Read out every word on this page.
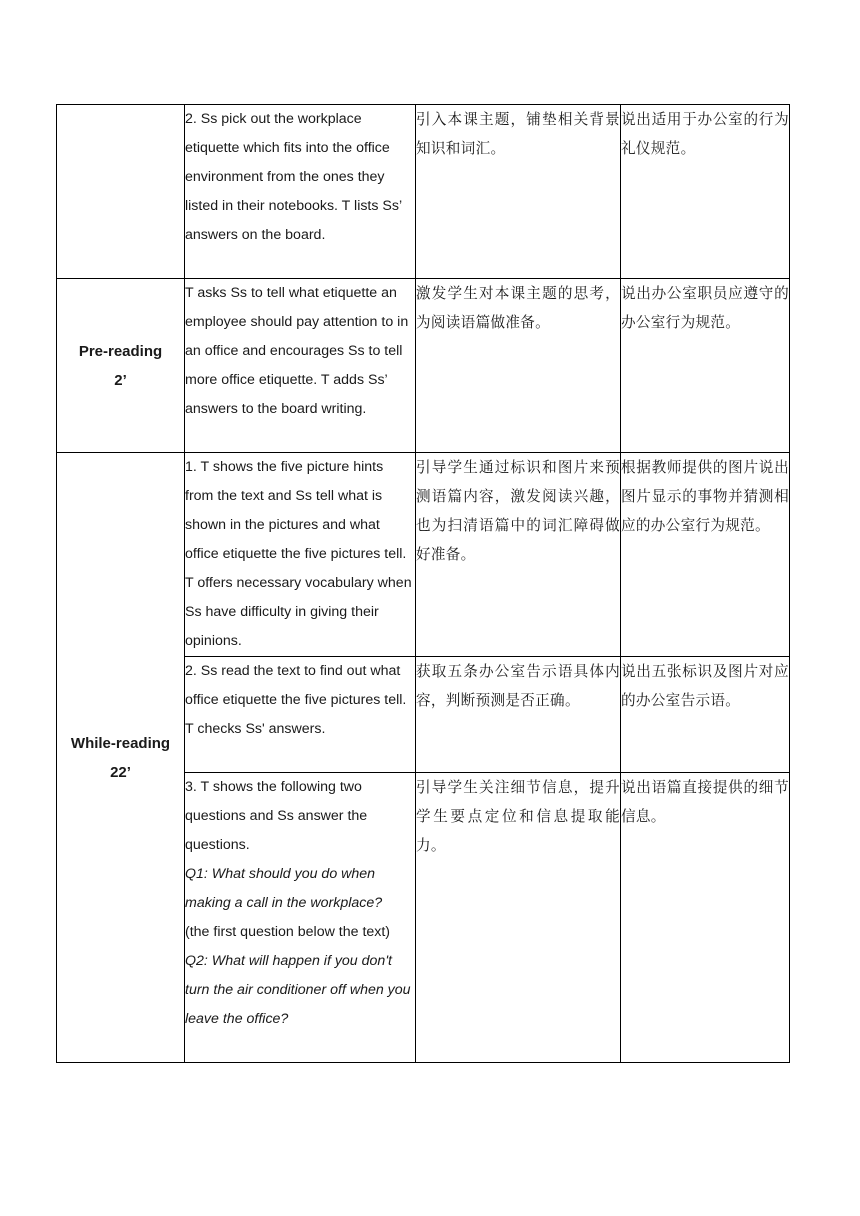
	2. Ss pick out the workplace etiquette which fits into the office environment from the ones they listed in their notebooks. T lists Ss’ answers on the board.	引入本课主题，铺垫相关背景知识和词汇。	说出适用于办公室的行为礼仪规范。

Pre-reading
2’	T asks Ss to tell what etiquette an employee should pay attention to in an office and encourages Ss to tell more office etiquette. T adds Ss’ answers to the board writing.	激发学生对本课主题的思考，为阅读语篇做准备。	说出办公室职员应遵守的办公室行为规范。

While-reading
22’	1. T shows the five picture hints from the text and Ss tell what is shown in the pictures and what office etiquette the five pictures tell. T offers necessary vocabulary when Ss have difficulty in giving their opinions.	引导学生通过标识和图片来预测语篇内容，激发阅读兴趣，也为扫清语篇中的词汇障碍做好准备。	根据教师提供的图片说出图片显示的事物并猜测相应的办公室行为规范。

	2. Ss read the text to find out what office etiquette the five pictures tell. T checks Ss' answers.	获取五条办公室告示语具体内容，判断预测是否正确。	说出五张标识及图片对应的办公室告示语。

	3. T shows the following two questions and Ss answer the questions.

Q1: What should you do when making a call in the workplace?

(the first question below the text)

Q2: What will happen if you don't turn the air conditioner off when you leave the office?	引导学生关注细节信息，提升学生要点定位和信息提取能力。	说出语篇直接提供的细节信息。
